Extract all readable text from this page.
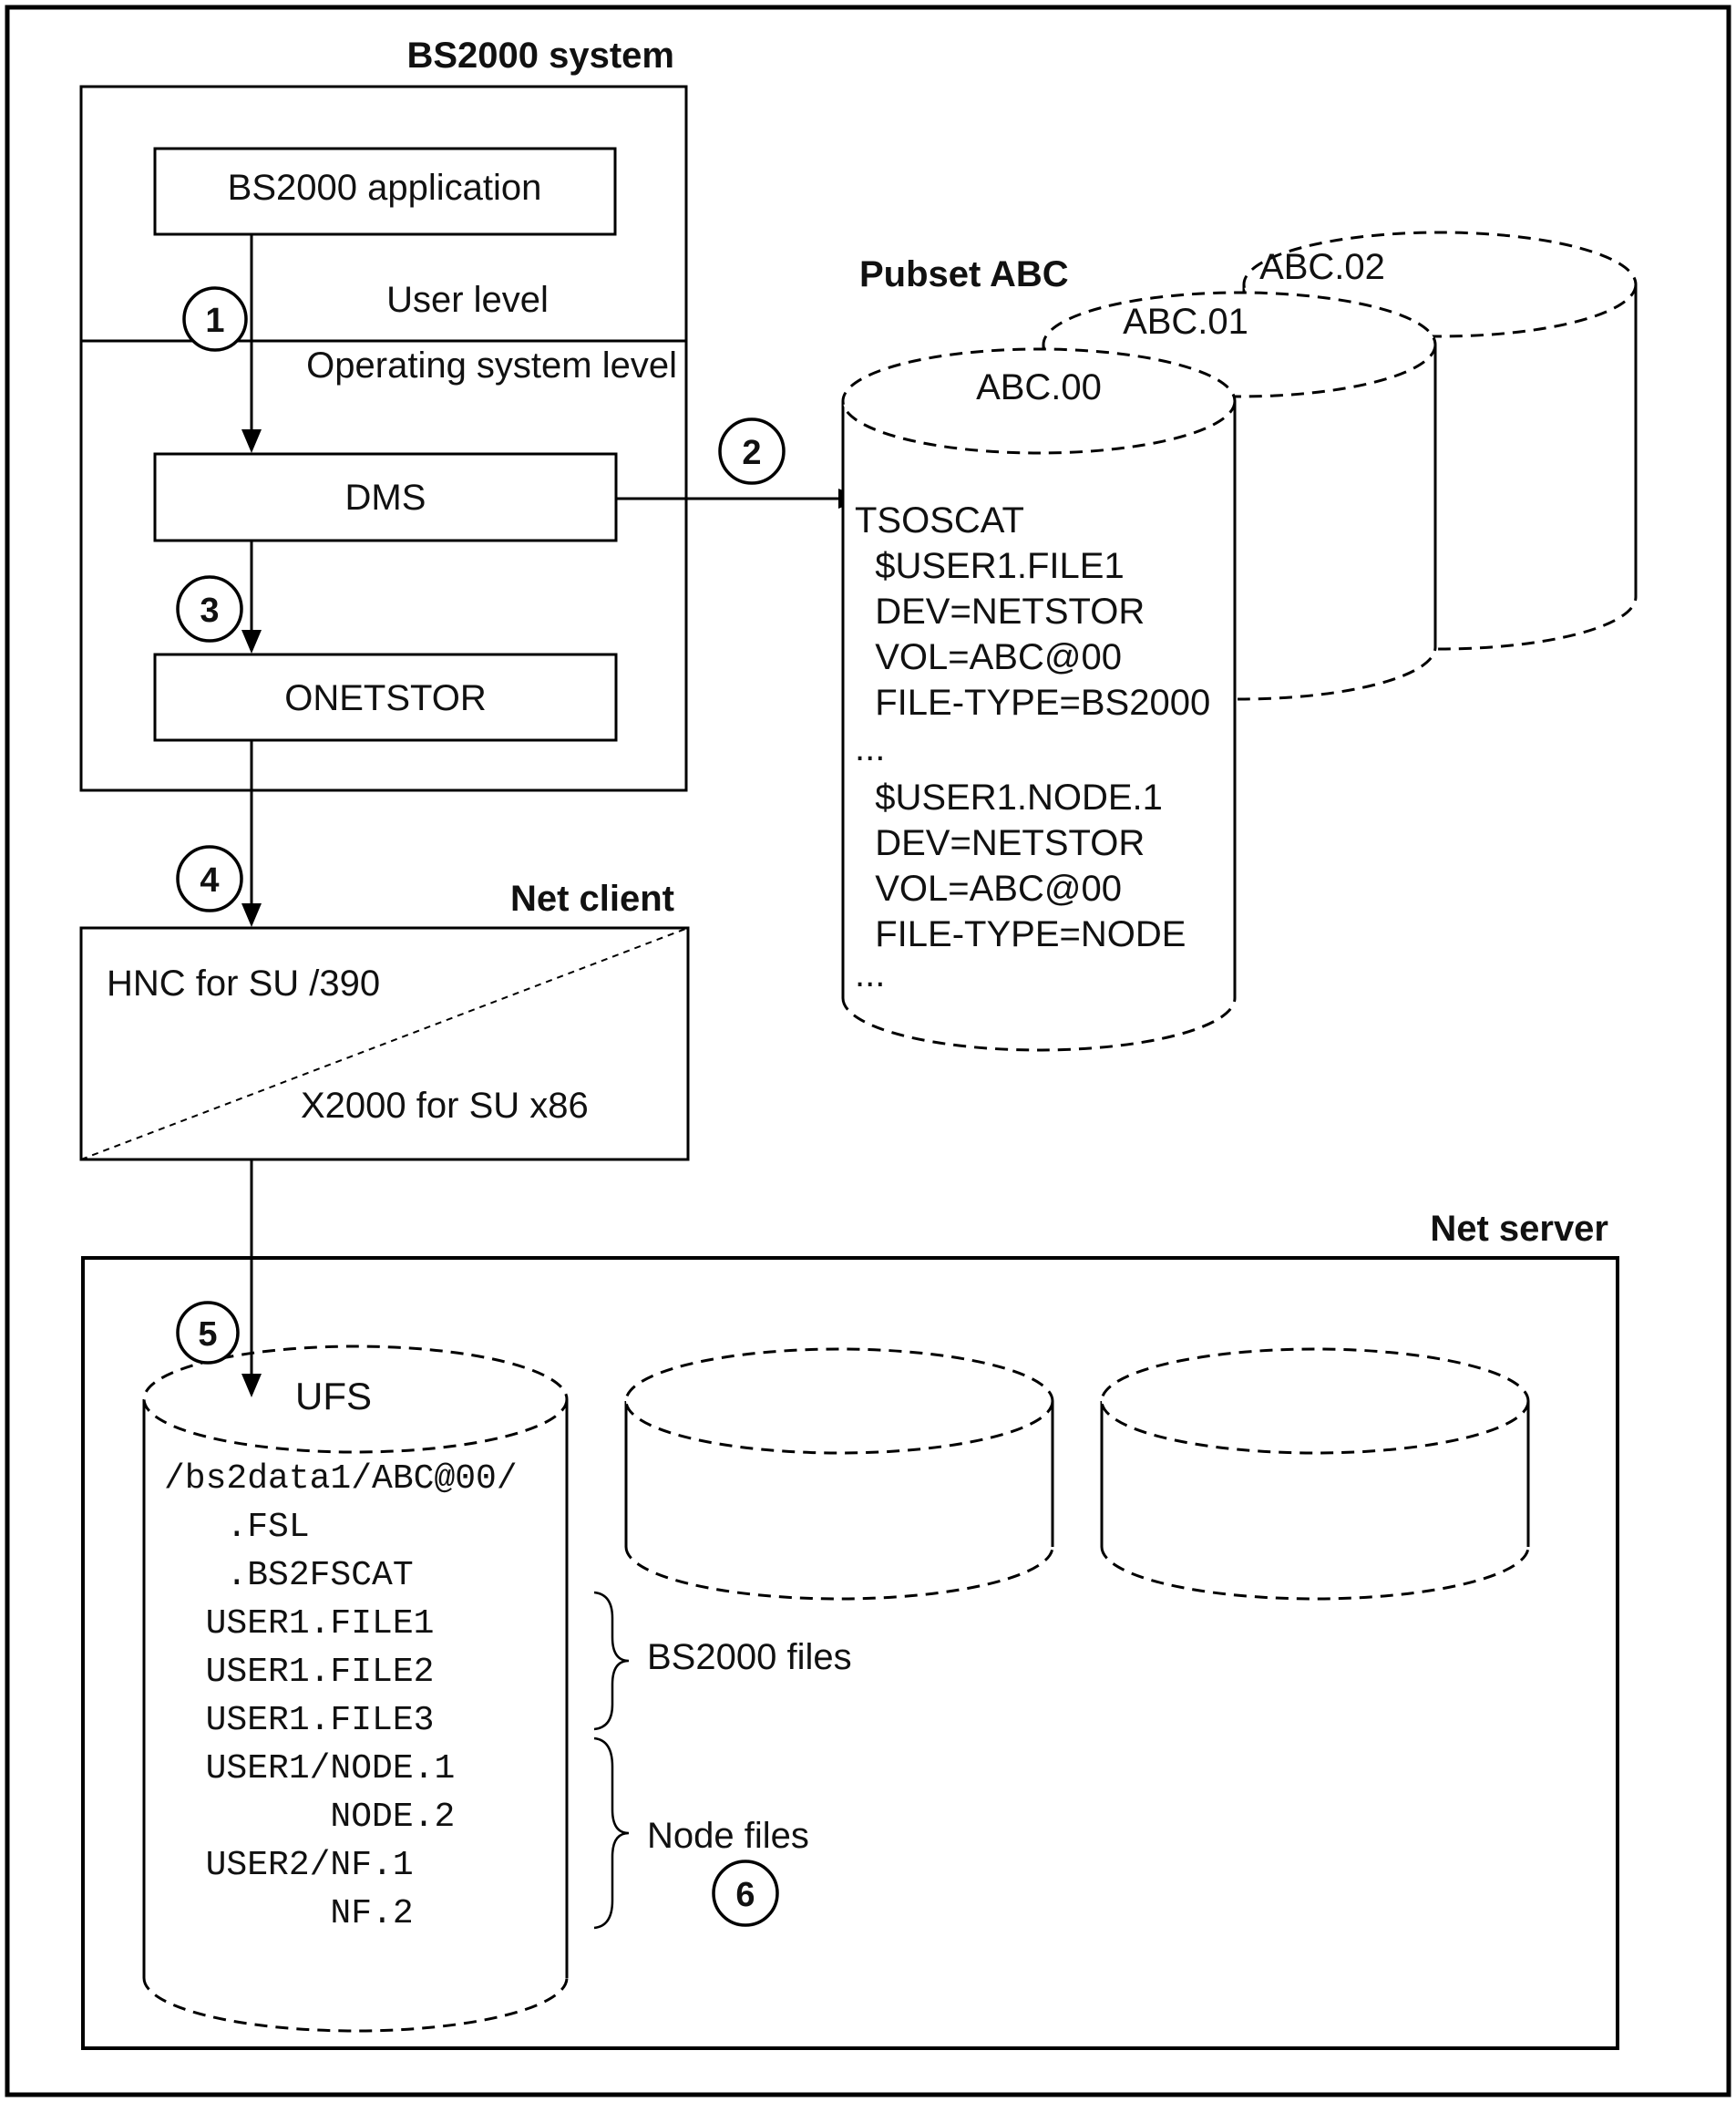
BS2000 system
BS2000 application
User level
Operating system level
1
DMS
2
3
ONETSTOR
4
Pubset ABC
ABC.00
ABC.01
ABC.02
TSOSCAT
$USER1.FILE1
DEV=NETSTOR
VOL=ABC@00
FILE-TYPE=BS2000
...
$USER1.NODE.1
DEV=NETSTOR
VOL=ABC@00
FILE-TYPE=NODE
...
Net client
HNC for SU /390
X2000 for SU x86
Net server
UFS
5
/bs2data1/ABC@00/
.FSL
.BS2FSCAT
USER1.FILE1
USER1.FILE2
USER1.FILE3
USER1/NODE.1
NODE.2
USER2/NF.1
NF.2
BS2000 files
Node files
6
